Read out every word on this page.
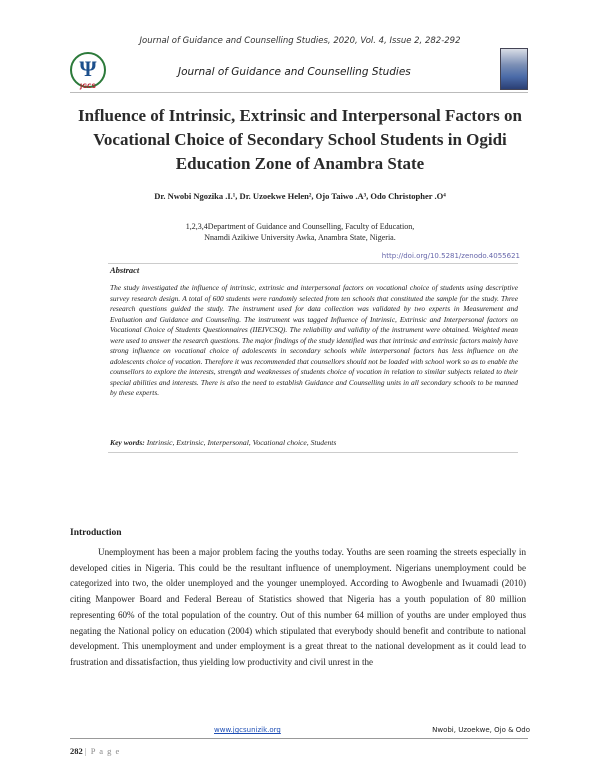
Journal of Guidance and Counselling Studies, 2020, Vol. 4, Issue 2, 282-292
Ψ
JGCS
Journal of Guidance and Counselling Studies
Influence of Intrinsic, Extrinsic and Interpersonal Factors on Vocational Choice of Secondary School Students in Ogidi Education Zone of Anambra State
Dr. Nwobi Ngozika .I.¹, Dr. Uzoekwe Helen², Ojo Taiwo .A³, Odo Christopher .O⁴
1,2,3,4Department of Guidance and Counselling, Faculty of Education,
Nnamdi Azikiwe University Awka, Anambra State, Nigeria.
http://doi.org/10.5281/zenodo.4055621
Abstract
The study investigated the influence of intrinsic, extrinsic and interpersonal factors on vocational choice of students using descriptive survey research design. A total of 600 students were randomly selected from ten schools that constituted the sample for the study. Three research questions guided the study. The instrument used for data collection was validated by two experts in Measurement and Evaluation and Guidance and Counseling. The instrument was tagged Influence of Intrinsic, Extrinsic and Interpersonal factors on Vocational Choice of Students Questionnaires (IIEIVCSQ). The reliability and validity of the instrument were obtained. Weighted mean were used to answer the research questions. The major findings of the study identified was that intrinsic and extrinsic factors mainly have strong influence on vocational choice of adolescents in secondary schools while interpersonal factors has less influence on the adolescents choice of vocation. Therefore it was recommended that counsellors should not be loaded with school work so as to enable the counsellors to explore the interests, strength and weaknesses of students choice of vocation in relation to similar subjects related to their special abilities and interests. There is also the need to establish Guidance and Counselling units in all secondary schools to be manned by these experts.
Key words: Intrinsic, Extrinsic, Interpersonal, Vocational choice, Students
Introduction
Unemployment has been a major problem facing the youths today. Youths are seen roaming the streets especially in developed cities in Nigeria. This could be the resultant influence of unemployment. Nigerians unemployment could be categorized into two, the older unemployed and the younger unemployed. According to Awogbenle and Iwuamadi (2010) citing Manpower Board and Federal Bereau of Statistics showed that Nigeria has a youth population of 80 million representing 60% of the total population of the country. Out of this number 64 million of youths are under employed thus negating the National policy on education (2004) which stipulated that everybody should benefit and contribute to national development. This unemployment and under employment is a great threat to the national development as it could lead to frustration and dissatisfaction, thus yielding low productivity and civil unrest in the
www.jgcsunizik.org	Nwobi, Uzoekwe, Ojo & Odo
282 | P a g e
